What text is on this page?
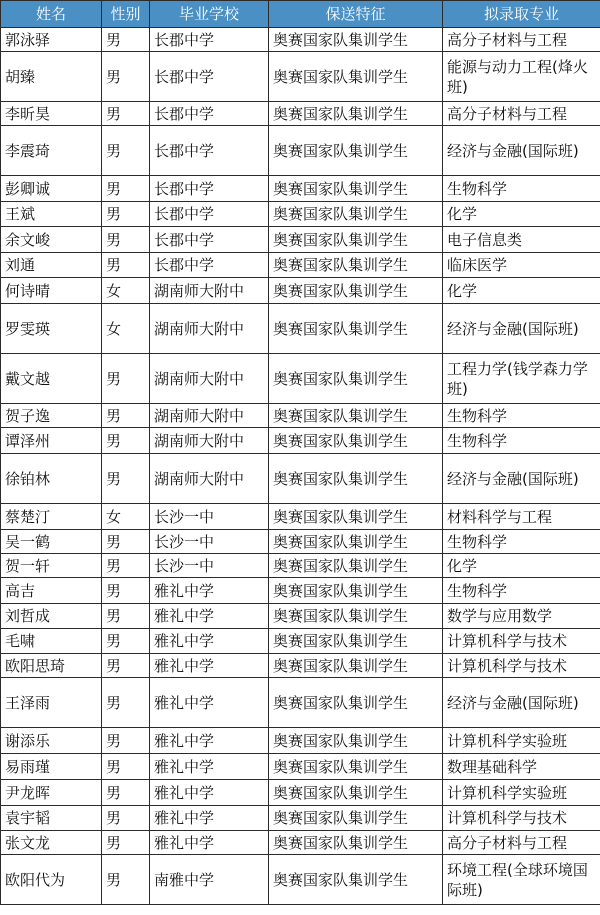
姓名	性别	毕业学校	保送特征	拟录取专业
郭泳驿	男	长郡中学	奥赛国家队集训学生	高分子材料与工程
胡臻	男	长郡中学	奥赛国家队集训学生	能源与动力工程(烽火班)
李昕昊	男	长郡中学	奥赛国家队集训学生	高分子材料与工程
李震琦	男	长郡中学	奥赛国家队集训学生	经济与金融(国际班)
彭卿诚	男	长郡中学	奥赛国家队集训学生	生物科学
王斌	男	长郡中学	奥赛国家队集训学生	化学
余文峻	男	长郡中学	奥赛国家队集训学生	电子信息类
刘通	男	长郡中学	奥赛国家队集训学生	临床医学
何诗晴	女	湖南师大附中	奥赛国家队集训学生	化学
罗雯瑛	女	湖南师大附中	奥赛国家队集训学生	经济与金融(国际班)
戴文越	男	湖南师大附中	奥赛国家队集训学生	工程力学(钱学森力学班)
贺子逸	男	湖南师大附中	奥赛国家队集训学生	生物科学
谭泽州	男	湖南师大附中	奥赛国家队集训学生	生物科学
徐铂林	男	湖南师大附中	奥赛国家队集训学生	经济与金融(国际班)
蔡楚汀	女	长沙一中	奥赛国家队集训学生	材料科学与工程
吴一鹤	男	长沙一中	奥赛国家队集训学生	生物科学
贺一轩	男	长沙一中	奥赛国家队集训学生	化学
高吉	男	雅礼中学	奥赛国家队集训学生	生物科学
刘哲成	男	雅礼中学	奥赛国家队集训学生	数学与应用数学
毛啸	男	雅礼中学	奥赛国家队集训学生	计算机科学与技术
欧阳思琦	男	雅礼中学	奥赛国家队集训学生	计算机科学与技术
王泽雨	男	雅礼中学	奥赛国家队集训学生	经济与金融(国际班)
谢添乐	男	雅礼中学	奥赛国家队集训学生	计算机科学实验班
易雨瑾	男	雅礼中学	奥赛国家队集训学生	数理基础科学
尹龙晖	男	雅礼中学	奥赛国家队集训学生	计算机科学实验班
袁宇韬	男	雅礼中学	奥赛国家队集训学生	计算机科学与技术
张文龙	男	雅礼中学	奥赛国家队集训学生	高分子材料与工程
欧阳代为	男	南雅中学	奥赛国家队集训学生	环境工程(全球环境国际班)
